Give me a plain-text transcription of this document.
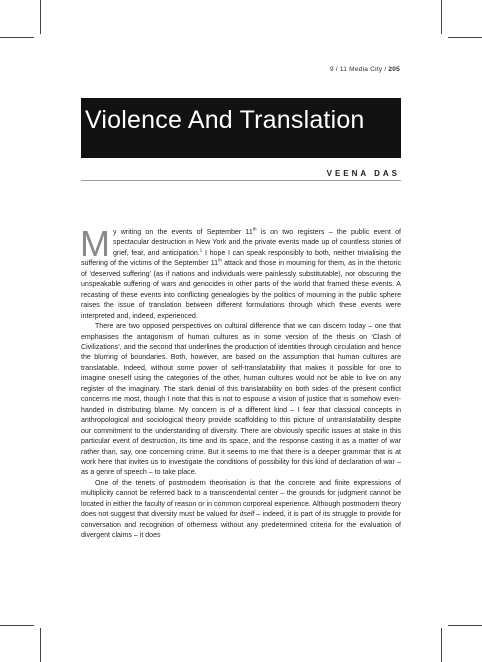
9 / 11 Media City / 205
Violence And Translation
VEENA DAS

My writing on the events of September 11th is on two registers – the public event of spectacular destruction in New York and the private events made up of countless stories of grief, fear, and anticipation.$^1$ I hope I can speak responsibly to both, neither trivialising the suffering of the victims of the September 11th attack and those in mourning for them, as in the rhetoric of ‘deserved suffering’ (as if nations and individuals were painlessly substitutable), nor obscuring the unspeakable suffering of wars and genocides in other parts of the world that framed these events. A recasting of these events into conflicting genealogies by the politics of mourning in the public sphere raises the issue of translation between different formulations through which these events were interpreted and, indeed, experienced.

There are two opposed perspectives on cultural difference that we can discern today – one that emphasises the antagonism of human cultures as in some version of the thesis on ‘Clash of Civilizations’, and the second that underlines the production of identities through circulation and hence the blurring of boundaries. Both, however, are based on the assumption that human cultures are translatable. Indeed, without some power of self-translatability that makes it possible for one to imagine oneself using the categories of the other, human cultures would not be able to live on any register of the imaginary. The stark denial of this translatability on both sides of the present conflict concerns me most, though I note that this is not to espouse a vision of justice that is somehow even-handed in distributing blame. My concern is of a different kind – I fear that classical concepts in anthropological and sociological theory provide scaffolding to this picture of untranslatability despite our commitment to the understanding of diversity. There are obviously specific issues at stake in this particular event of destruction, its time and its space, and the response casting it as a matter of war rather than, say, one concerning crime. But it seems to me that there is a deeper grammar that is at work here that invites us to investigate the conditions of possibility for this kind of declaration of war – as a genre of speech – to take place.

One of the tenets of postmodern theorisation is that the concrete and finite expressions of multiplicity cannot be referred back to a transcendental center – the grounds for judgment cannot be located in either the faculty of reason or in common corporeal experience. Although postmodern theory does not suggest that diversity must be valued for itself – indeed, it is part of its struggle to provide for conversation and recognition of otherness without any predetermined criteria for the evaluation of divergent claims – it does
